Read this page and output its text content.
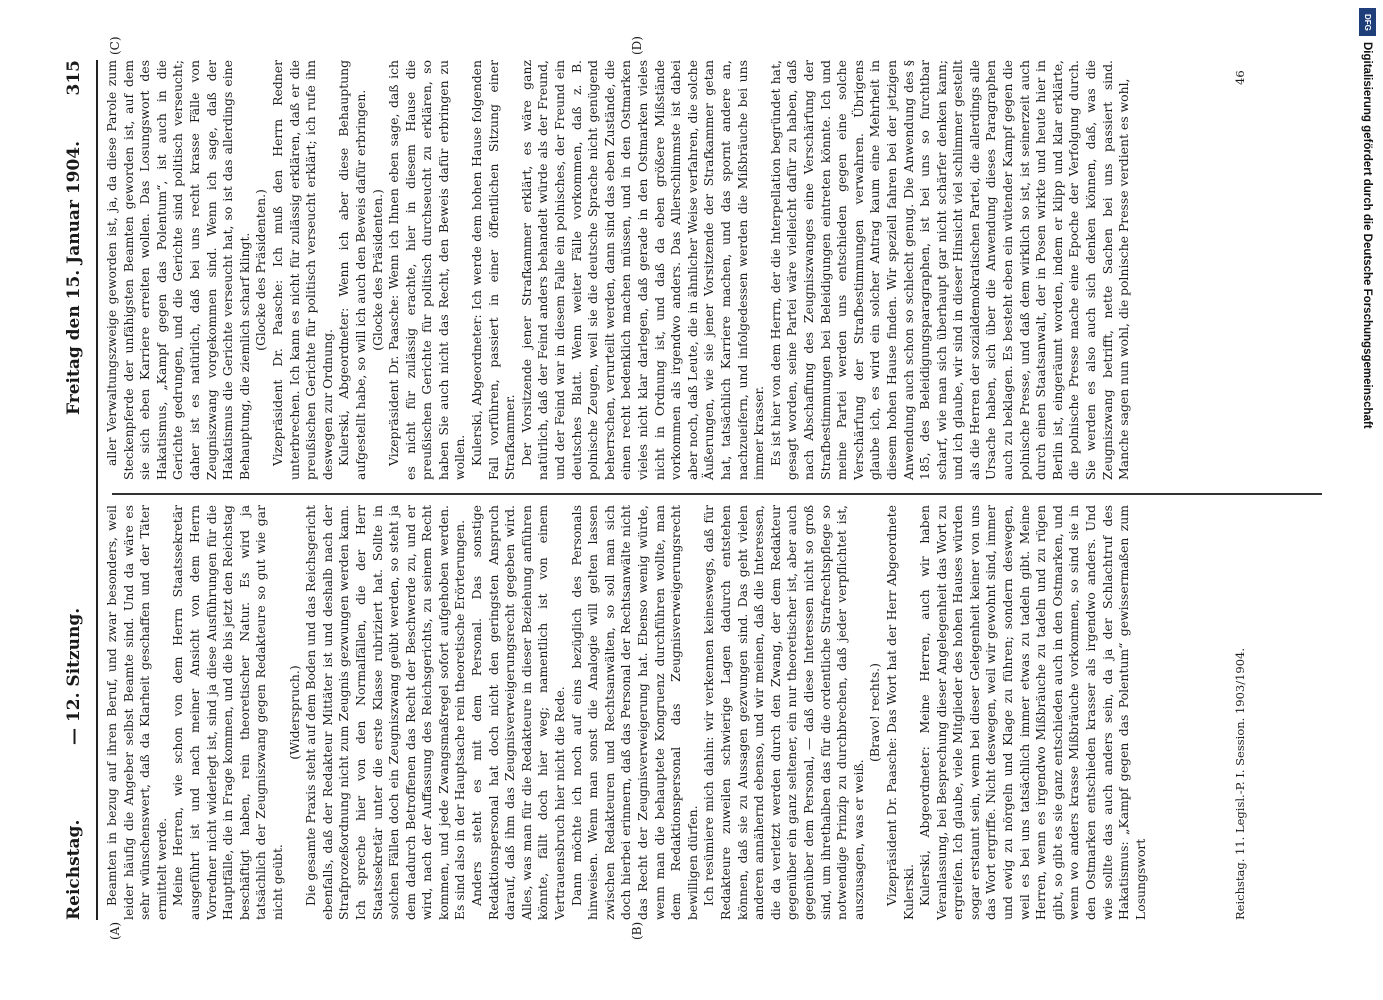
Reichstag.
— 12. Sitzung.
Freitag den 15. Januar 1904.
315
(A)	(B)
(C)	(D)

Beamten in bezug auf ihren Beruf, und zwar besonders, weil leider häufig die Angeber selbst Beamte sind. Und da wäre es sehr wünschenswert, daß da Klarheit geschaffen und der Täter ermittelt werde. Meine Herren, wie schon von dem Herrn Staatssekretär ausgeführt ist und nach meiner Ansicht von dem Herrn Vorredner nicht widerlegt ist, sind ja diese Ausführungen für die Hauptfälle, die in Frage kommen, und die bis jetzt den Reichstag beschäftigt haben, rein theoretischer Natur. Es wird ja tatsächlich der Zeugniszwang gegen Redakteure so gut wie gar nicht geübt.

(Widerspruch.) Die gesamte Praxis steht auf dem Boden und das Reichsgericht ebenfalls, daß der Redakteur Mittäter ist und deshalb nach der Strafprozeßordnung nicht zum Zeugnis gezwungen werden kann. Ich spreche hier von den Normalfällen, die der Herr Staatssekretär unter die erste Klasse rubriziert hat. Sollte in solchen Fällen doch ein Zeugniszwang geübt werden, so steht ja dem dadurch Betroffenen das Recht der Beschwerde zu, und er wird, nach der Auffassung des Reichsgerichts, zu seinem Recht kommen, und jede Zwangsmaßregel sofort aufgehoben werden. Es sind also in der Hauptsache rein theoretische Erörterungen. Anders steht es mit dem Personal. Das sonstige Redaktionspersonal hat doch nicht den geringsten Anspruch darauf, daß ihm das Zeugnisverweigerungsrecht gegeben wird. Alles, was man für die Redakteure in dieser Beziehung anführen könnte, fällt doch hier weg; namentlich ist von einem Vertrauensbruch hier nicht die Rede. Dann möchte ich noch auf eins bezüglich des Personals hinweisen. Wenn man sonst die Analogie will gelten lassen zwischen Redakteuren und Rechtsanwälten, so soll man sich doch hierbei erinnern, daß das Personal der Rechtsanwälte nicht das Recht der Zeugnisverweigerung hat. Ebenso wenig würde, wenn man die behauptete Kongruenz durchführen wollte, man dem Redaktionspersonal das Zeugnisverweigerungsrecht bewilligen dürfen. Ich resümiere mich dahin: wir verkennen keineswegs, daß für Redakteure zuweilen schwierige Lagen dadurch entstehen können, daß sie zu Aussagen gezwungen sind. Das geht vielen anderen annähernd ebenso, und wir meinen, daß die Interessen, die da verletzt werden durch den Zwang, der dem Redakteur gegenüber ein ganz seltener, ein nur theoretischer ist, aber auch gegenüber dem Personal, — daß diese Interessen nicht so groß sind, um ihrethalben das für die ordentliche Strafrechtspflege so notwendige Prinzip zu durchbrechen, daß jeder verpflichtet ist, auszusagen, was er weiß.

(Bravo! rechts.) Vizepräsident Dr. Paasche: Das Wort hat der Herr Abgeordnete Kulerski. Kulerski, Abgeordneter: Meine Herren, auch wir haben Veranlassung, bei Besprechung dieser Angelegenheit das Wort zu ergreifen. Ich glaube, viele Mitglieder des hohen Hauses würden sogar erstaunt sein, wenn bei dieser Gelegenheit keiner von uns das Wort ergriffe. Nicht deswegen, weil wir gewohnt sind, immer und ewig zu nörgeln und Klage zu führen; sondern deswegen, weil es bei uns tatsächlich immer etwas zu tadeln gibt. Meine Herren, wenn es irgendwo Mißbräuche zu tadeln und zu rügen gibt, so gibt es sie ganz entschieden auch in den Ostmarken, und wenn wo anders krasse Mißbräuche vorkommen, so sind sie in den Ostmarken entschieden krasser als irgendwo anders. Und wie sollte das auch anders sein, da ja der Schlachtruf des Hakatismus: „Kampf gegen das Polentum“ gewissermaßen zum Losungswort

aller Verwaltungszweige geworden ist, ja, da diese Parole zum Steckenpferde der unfähigsten Beamten geworden ist, auf dem sie sich eben Karriere erreiten wollen. Das Losungswort des Hakatismus, „Kampf gegen das Polentum“, ist auch in die Gerichte gedrungen, und die Gerichte sind politisch verseucht; daher ist es natürlich, daß bei uns recht krasse Fälle von Zeugniszwang vorgekommen sind. Wenn ich sage, daß der Hakatismus die Gerichte verseucht hat, so ist das allerdings eine Behauptung, die ziemlich scharf klingt. (Glocke des Präsidenten.) Vizepräsident Dr. Paasche: Ich muß den Herrn Redner unterbrechen. Ich kann es nicht für zulässig erklären, daß er die preußischen Gerichte für politisch verseucht erklärt; ich rufe ihn deswegen zur Ordnung. Kulerski, Abgeordneter: Wenn ich aber diese Behauptung aufgestellt habe, so will ich auch den Beweis dafür erbringen. (Glocke des Präsidenten.) Vizepräsident Dr. Paasche: Wenn ich Ihnen eben sage, daß ich es nicht für zulässig erachte, hier in diesem Hause die preußischen Gerichte für politisch durchseucht zu erklären, so haben Sie auch nicht das Recht, den Beweis dafür erbringen zu wollen. Kulerski, Abgeordneter: Ich werde dem hohen Hause folgenden Fall vorführen, passiert in einer öffentlichen Sitzung einer Strafkammer. Der Vorsitzende jener Strafkammer erklärt, es wäre ganz natürlich, daß der Feind anders behandelt würde als der Freund, und der Feind war in diesem Falle ein polnisches, der Freund ein deutsches Blatt. Wenn weiter Fälle vorkommen, daß z. B. polnische Zeugen, weil sie die deutsche Sprache nicht genügend beherrschen, verurteilt werden, dann sind das eben Zustände, die einen recht bedenklich machen müssen, und in den Ostmarken vieles nicht klar darlegen, daß gerade in den Ostmarken vieles nicht in Ordnung ist, und daß da eben größere Mißstände vorkommen als irgendwo anders. Das Allerschlimmste ist dabei aber noch, daß Leute, die in ähnlicher Weise verfahren, die solche Äußerungen, wie sie jener Vorsitzende der Strafkammer getan hat, tatsächlich Karriere machen, und das spornt andere an, nachzueifern, und infolgedessen werden die Mißbräuche bei uns immer krasser. Es ist hier von dem Herrn, der die Interpellation begründet hat, gesagt worden, seine Partei wäre vielleicht dafür zu haben, daß nach Abschaffung des Zeugniszwanges eine Verschärfung der Strafbestimmungen bei Beleidigungen eintreten könnte. Ich und meine Partei werden uns entschieden gegen eine solche Verschärfung der Strafbestimmungen verwahren. Übrigens glaube ich, es wird ein solcher Antrag kaum eine Mehrheit in diesem hohen Hause finden. Wir speziell fahren bei der jetzigen Anwendung auch schon so schlecht genug. Die Anwendung des § 185, des Beleidigungsparagraphen, ist bei uns so furchtbar scharf, wie man sich überhaupt gar nicht schärfer denken kann; und ich glaube, wir sind in dieser Hinsicht viel schlimmer gestellt als die Herren der sozialdemokratischen Partei, die allerdings alle Ursache haben, sich über die Anwendung dieses Paragraphen auch zu beklagen. Es besteht eben ein wütender Kampf gegen die polnische Presse, und daß dem wirklich so ist, ist seinerzeit auch durch einen Staatsanwalt, der in Posen wirkte und heute hier in Berlin ist, eingeräumt worden, indem er klipp und klar erklärte, die polnische Presse mache eine Epoche der Verfolgung durch. Sie werden es also auch sich denken können, daß, was die Zeugniszwang betrifft, nette Sachen bei uns passiert sind. Manche sagen nun wohl, die polnische Presse verdient es wohl,

Reichstag. 11. Legisl.-P. I. Session. 1903/1904.
46
DFG
Digitalisierung gefördert durch die Deutsche Forschungsgemeinschaft
